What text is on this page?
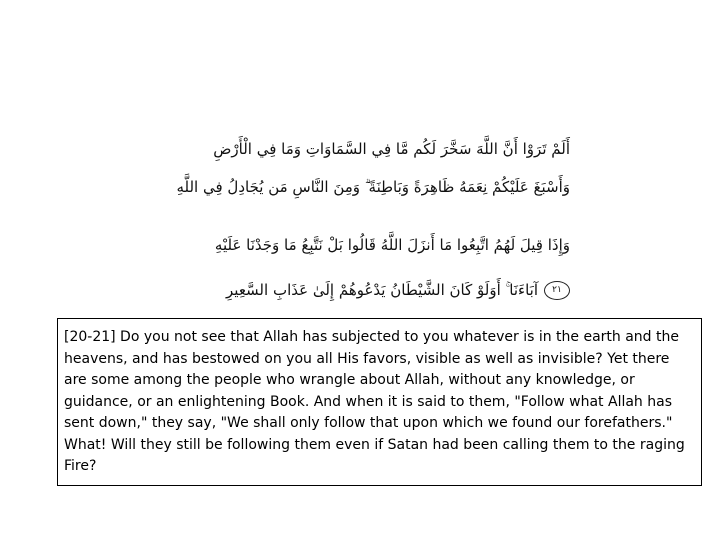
أَلَمْ تَرَوْا أَنَّ اللَّهَ سَخَّرَ لَكُم مَّا فِي السَّمَاوَاتِ وَمَا فِي الْأَرْضِ
وَأَسْبَغَ عَلَيْكُمْ نِعَمَهُ ظَاهِرَةً وَبَاطِنَةً ۗ وَمِنَ النَّاسِ مَن يُجَادِلُ فِي اللَّهِ
وَإِذَا قِيلَ لَهُمُ اتَّبِعُوا مَا أَنزَلَ اللَّهُ قَالُوا بَلْ نَتَّبِعُ مَا وَجَدْنَا عَلَيْهِ
٢١آبَاءَنَا ۚ أَوَلَوْ كَانَ الشَّيْطَانُ يَدْعُوهُمْ إِلَىٰ عَذَابِ السَّعِيرِ

[20-21] Do you not see that Allah has subjected to you whatever is in the earth and the heavens, and has bestowed on you all His favors, visible as well as invisible? Yet there are some among the people who wrangle about Allah, without any knowledge, or guidance, or an enlightening Book. And when it is said to them, "Follow what Allah has sent down," they say, "We shall only follow that upon which we found our forefathers." What! Will they still be following them even if Satan had been calling them to the raging Fire?
